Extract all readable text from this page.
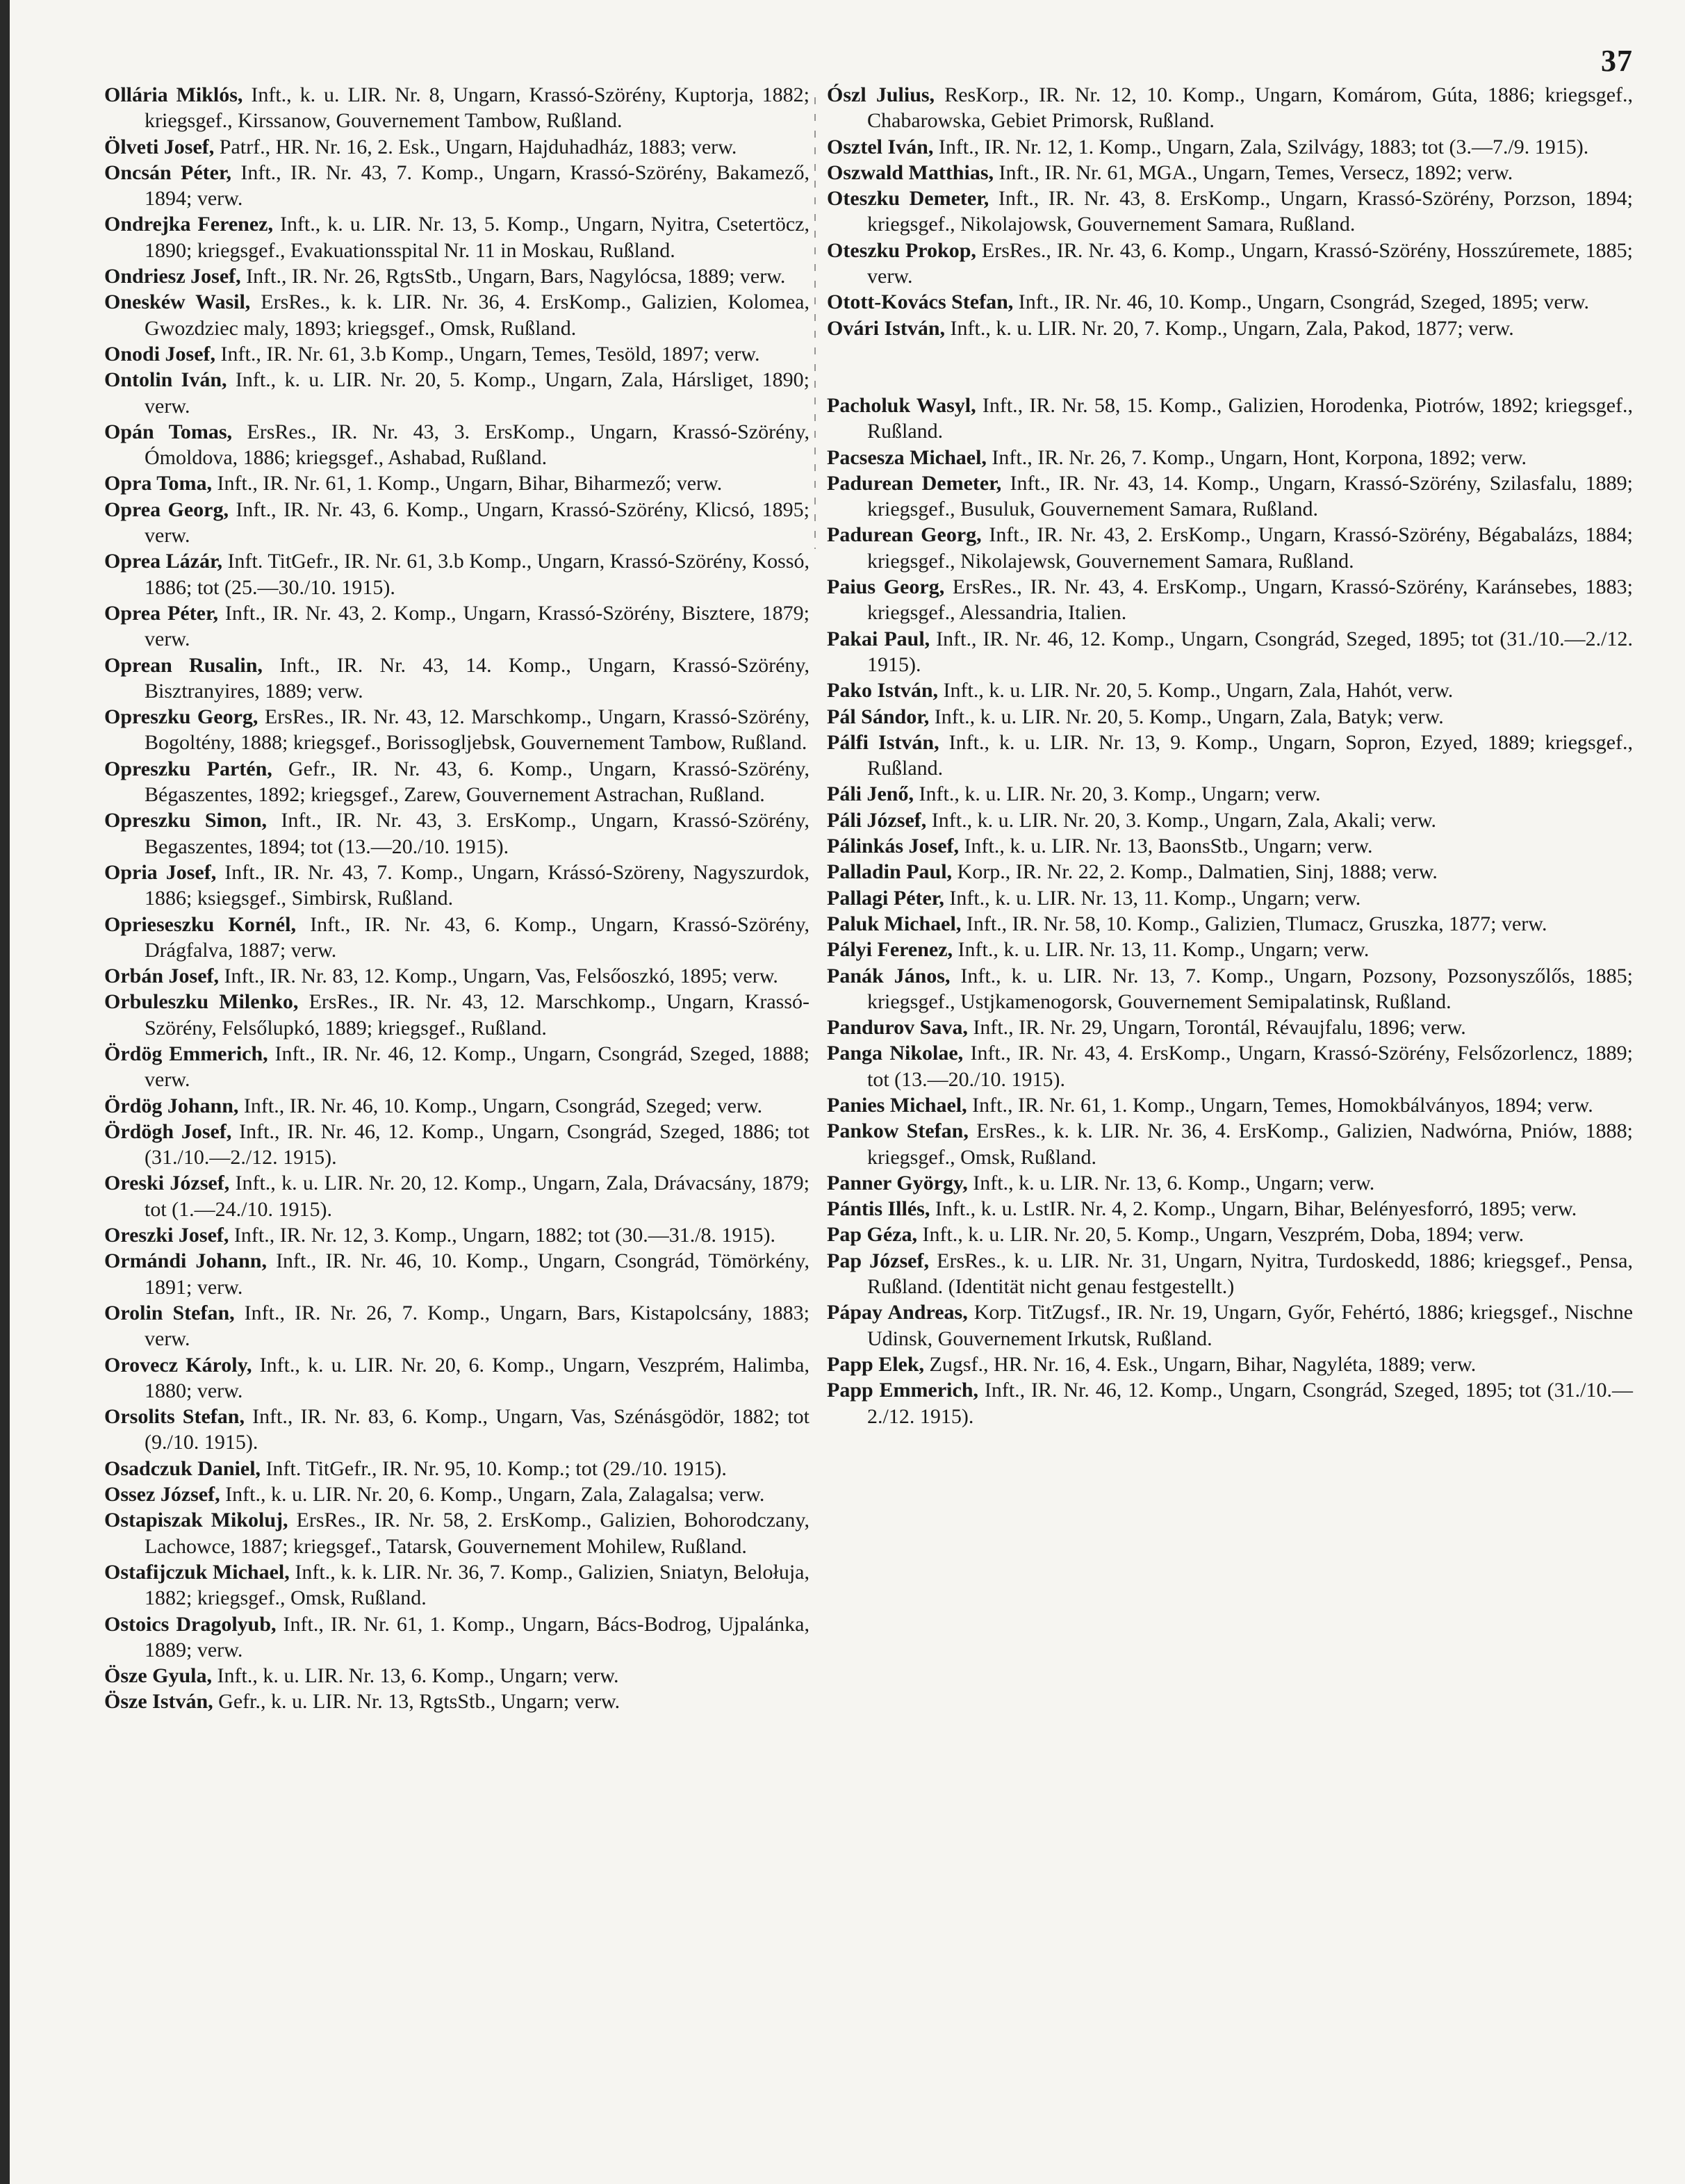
37

Ollária Miklós, Inft., k. u. LIR. Nr. 8, Ungarn, Krassó-Szörény, Kuptorja, 1882; kriegsgef., Kirssanow, Gouvernement Tambow, Rußland.

Ölveti Josef, Patrf., HR. Nr. 16, 2. Esk., Ungarn, Hajduhadház, 1883; verw.

Oncsán Péter, Inft., IR. Nr. 43, 7. Komp., Ungarn, Krassó-Szörény, Bakamező, 1894; verw.

Ondrejka Ferenez, Inft., k. u. LIR. Nr. 13, 5. Komp., Ungarn, Nyitra, Csetertöcz, 1890; kriegsgef., Evakuationsspital Nr. 11 in Moskau, Rußland.

Ondriesz Josef, Inft., IR. Nr. 26, RgtsStb., Ungarn, Bars, Nagylócsa, 1889; verw.

Oneskéw Wasil, ErsRes., k. k. LIR. Nr. 36, 4. ErsKomp., Galizien, Kolomea, Gwozdziec maly, 1893; kriegsgef., Omsk, Rußland.

Onodi Josef, Inft., IR. Nr. 61, 3.b Komp., Ungarn, Temes, Tesöld, 1897; verw.

Ontolin Iván, Inft., k. u. LIR. Nr. 20, 5. Komp., Ungarn, Zala, Hársliget, 1890; verw.

Opán Tomas, ErsRes., IR. Nr. 43, 3. ErsKomp., Ungarn, Krassó-Szörény, Ómoldova, 1886; kriegsgef., Ashabad, Rußland.

Opra Toma, Inft., IR. Nr. 61, 1. Komp., Ungarn, Bihar, Biharmező; verw.

Oprea Georg, Inft., IR. Nr. 43, 6. Komp., Ungarn, Krassó-Szörény, Klicsó, 1895; verw.

Oprea Lázár, Inft. TitGefr., IR. Nr. 61, 3.b Komp., Ungarn, Krassó-Szörény, Kossó, 1886; tot (25.—30./10. 1915).

Oprea Péter, Inft., IR. Nr. 43, 2. Komp., Ungarn, Krassó-Szörény, Bisztere, 1879; verw.

Oprean Rusalin, Inft., IR. Nr. 43, 14. Komp., Ungarn, Krassó-Szörény, Bisztranyires, 1889; verw.

Opreszku Georg, ErsRes., IR. Nr. 43, 12. Marschkomp., Ungarn, Krassó-Szörény, Bogoltény, 1888; kriegsgef., Borissoglјebsk, Gouvernement Tambow, Rußland.

Opreszku Partén, Gefr., IR. Nr. 43, 6. Komp., Ungarn, Krassó-Szörény, Bégaszentes, 1892; kriegsgef., Zarew, Gouvernement Astrachan, Rußland.

Opreszku Simon, Inft., IR. Nr. 43, 3. ErsKomp., Ungarn, Krassó-Szörény, Begaszentes, 1894; tot (13.—20./10. 1915).

Opria Josef, Inft., IR. Nr. 43, 7. Komp., Ungarn, Krássó-Szöreny, Nagyszurdok, 1886; ksiegsgef., Simbirsk, Rußland.

Oprieseszku Kornél, Inft., IR. Nr. 43, 6. Komp., Ungarn, Krassó-Szörény, Drágfalva, 1887; verw.

Orbán Josef, Inft., IR. Nr. 83, 12. Komp., Ungarn, Vas, Felsőoszkó, 1895; verw.

Orbuleszku Milenko, ErsRes., IR. Nr. 43, 12. Marschkomp., Ungarn, Krassó-Szörény, Felsőlupkó, 1889; kriegsgef., Rußland.

Ördög Emmerich, Inft., IR. Nr. 46, 12. Komp., Ungarn, Csongrád, Szeged, 1888; verw.

Ördög Johann, Inft., IR. Nr. 46, 10. Komp., Ungarn, Csongrád, Szeged; verw.

Ördögh Josef, Inft., IR. Nr. 46, 12. Komp., Ungarn, Csongrád, Szeged, 1886; tot (31./10.—2./12. 1915).

Oreski József, Inft., k. u. LIR. Nr. 20, 12. Komp., Ungarn, Zala, Drávacsány, 1879; tot (1.—24./10. 1915).

Oreszki Josef, Inft., IR. Nr. 12, 3. Komp., Ungarn, 1882; tot (30.—31./8. 1915).

Ormándi Johann, Inft., IR. Nr. 46, 10. Komp., Ungarn, Csongrád, Tömörkény, 1891; verw.

Orolin Stefan, Inft., IR. Nr. 26, 7. Komp., Ungarn, Bars, Kistapolcsány, 1883; verw.

Orovecz Károly, Inft., k. u. LIR. Nr. 20, 6. Komp., Ungarn, Veszprém, Halimba, 1880; verw.

Orsolits Stefan, Inft., IR. Nr. 83, 6. Komp., Ungarn, Vas, Szénásgödör, 1882; tot (9./10. 1915).

Osadczuk Daniel, Inft. TitGefr., IR. Nr. 95, 10. Komp.; tot (29./10. 1915).

Ossez József, Inft., k. u. LIR. Nr. 20, 6. Komp., Ungarn, Zala, Zalagalsa; verw.

Ostapiszak Mikoluj, ErsRes., IR. Nr. 58, 2. ErsKomp., Galizien, Bohorodczany, Lachowce, 1887; kriegsgef., Tatarsk, Gouvernement Mohilew, Rußland.

Ostafijczuk Michael, Inft., k. k. LIR. Nr. 36, 7. Komp., Galizien, Sniatyn, Belołuja, 1882; kriegsgef., Omsk, Rußland.

Ostoics Dragolyub, Inft., IR. Nr. 61, 1. Komp., Ungarn, Bács-Bodrog, Ujpalánka, 1889; verw.

Ösze Gyula, Inft., k. u. LIR. Nr. 13, 6. Komp., Ungarn; verw.

Ösze István, Gefr., k. u. LIR. Nr. 13, RgtsStb., Ungarn; verw.

Ószl Julius, ResKorp., IR. Nr. 12, 10. Komp., Ungarn, Komárom, Gúta, 1886; kriegsgef., Chabarowska, Gebiet Primorsk, Rußland.

Osztel Iván, Inft., IR. Nr. 12, 1. Komp., Ungarn, Zala, Szilvágy, 1883; tot (3.—7./9. 1915).

Oszwald Matthias, Inft., IR. Nr. 61, MGA., Ungarn, Temes, Versecz, 1892; verw.

Oteszku Demeter, Inft., IR. Nr. 43, 8. ErsKomp., Ungarn, Krassó-Szörény, Porzson, 1894; kriegsgef., Nikolajowsk, Gouvernement Samara, Rußland.

Oteszku Prokop, ErsRes., IR. Nr. 43, 6. Komp., Ungarn, Krassó-Szörény, Hosszúremete, 1885; verw.

Otott-Kovács Stefan, Inft., IR. Nr. 46, 10. Komp., Ungarn, Csongrád, Szeged, 1895; verw.

Ovári István, Inft., k. u. LIR. Nr. 20, 7. Komp., Ungarn, Zala, Pakod, 1877; verw.

Pacholuk Wasyl, Inft., IR. Nr. 58, 15. Komp., Galizien, Horodenka, Piotrów, 1892; kriegsgef., Rußland.

Pacsesza Michael, Inft., IR. Nr. 26, 7. Komp., Ungarn, Hont, Korpona, 1892; verw.

Padurean Demeter, Inft., IR. Nr. 43, 14. Komp., Ungarn, Krassó-Szörény, Szilasfalu, 1889; kriegsgef., Busuluk, Gouvernement Samara, Rußland.

Padurean Georg, Inft., IR. Nr. 43, 2. ErsKomp., Ungarn, Krassó-Szörény, Bégabalázs, 1884; kriegsgef., Nikolajewsk, Gouvernement Samara, Rußland.

Paius Georg, ErsRes., IR. Nr. 43, 4. ErsKomp., Ungarn, Krassó-Szörény, Karánsebes, 1883; kriegsgef., Alessandria, Italien.

Pakai Paul, Inft., IR. Nr. 46, 12. Komp., Ungarn, Csongrád, Szeged, 1895; tot (31./10.—2./12. 1915).

Pako István, Inft., k. u. LIR. Nr. 20, 5. Komp., Ungarn, Zala, Hahót, verw.

Pál Sándor, Inft., k. u. LIR. Nr. 20, 5. Komp., Ungarn, Zala, Batyk; verw.

Pálfi István, Inft., k. u. LIR. Nr. 13, 9. Komp., Ungarn, Sopron, Ezyed, 1889; kriegsgef., Rußland.

Páli Jenő, Inft., k. u. LIR. Nr. 20, 3. Komp., Ungarn; verw.

Páli József, Inft., k. u. LIR. Nr. 20, 3. Komp., Ungarn, Zala, Akali; verw.

Pálinkás Josef, Inft., k. u. LIR. Nr. 13, BaonsStb., Ungarn; verw.

Palladin Paul, Korp., IR. Nr. 22, 2. Komp., Dalmatien, Sinj, 1888; verw.

Pallagi Péter, Inft., k. u. LIR. Nr. 13, 11. Komp., Ungarn; verw.

Paluk Michael, Inft., IR. Nr. 58, 10. Komp., Galizien, Tlumacz, Gruszka, 1877; verw.

Pályi Ferenez, Inft., k. u. LIR. Nr. 13, 11. Komp., Ungarn; verw.

Panák János, Inft., k. u. LIR. Nr. 13, 7. Komp., Ungarn, Pozsony, Pozsonyszőlős, 1885; kriegsgef., Ustjkamenogorsk, Gouvernement Semipalatinsk, Rußland.

Pandurov Sava, Inft., IR. Nr. 29, Ungarn, Torontál, Révaujfalu, 1896; verw.

Panga Nikolae, Inft., IR. Nr. 43, 4. ErsKomp., Ungarn, Krassó-Szörény, Felsőzorlencz, 1889; tot (13.—20./10. 1915).

Panies Michael, Inft., IR. Nr. 61, 1. Komp., Ungarn, Temes, Homokbálványos, 1894; verw.

Pankow Stefan, ErsRes., k. k. LIR. Nr. 36, 4. ErsKomp., Galizien, Nadwórna, Pniów, 1888; kriegsgef., Omsk, Rußland.

Panner György, Inft., k. u. LIR. Nr. 13, 6. Komp., Ungarn; verw.

Pántis Illés, Inft., k. u. LstIR. Nr. 4, 2. Komp., Ungarn, Bihar, Belényesforró, 1895; verw.

Pap Géza, Inft., k. u. LIR. Nr. 20, 5. Komp., Ungarn, Veszprém, Doba, 1894; verw.

Pap József, ErsRes., k. u. LIR. Nr. 31, Ungarn, Nyitra, Turdoskedd, 1886; kriegsgef., Pensa, Rußland. (Identität nicht genau festgestellt.)

Pápay Andreas, Korp. TitZugsf., IR. Nr. 19, Ungarn, Győr, Fehértó, 1886; kriegsgef., Nischne Udinsk, Gouvernement Irkutsk, Rußland.

Papp Elek, Zugsf., HR. Nr. 16, 4. Esk., Ungarn, Bihar, Nagyléta, 1889; verw.

Papp Emmerich, Inft., IR. Nr. 46, 12. Komp., Ungarn, Csongrád, Szeged, 1895; tot (31./10.—2./12. 1915).
